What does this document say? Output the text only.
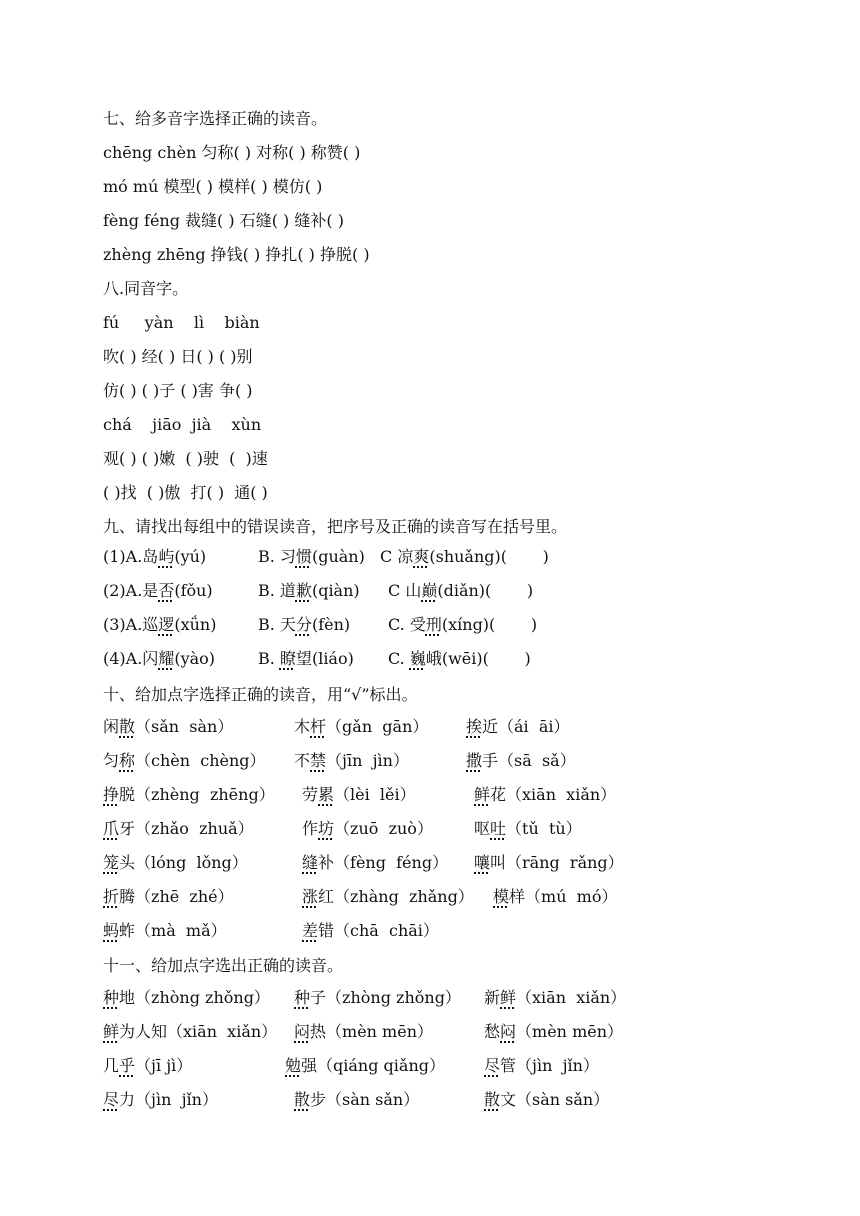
七、给多音字选择正确的读音。
chēng chèn 匀称( ) 对称( ) 称赞( )
mó mú 模型( ) 模样( ) 模仿( )
fèng féng 裁缝( ) 石缝( ) 缝补( )
zhèng zhēng 挣钱( ) 挣扎( ) 挣脱( )
八.同音字。
fú     yàn    lì    biàn
吹( ) 经( ) 日( ) ( )别
仿( ) ( )子 ( )害 争( )
chá    jiāo  jià    xùn
观( ) ( )嫩  ( )驶  (  )速
( )找  ( )傲  打( )  通( )
九、请找出每组中的错误读音，把序号及正确的读音写在括号里。
(1)A.岛屿(yú)	B. 习惯(guàn) C 凉爽(shuǎng)(       )
(2)A.是否(fǒu)	B. 道歉(qiàn) C 山巅(diǎn)(       )
(3)A.巡逻(xǘn)	B. 天分(fèn) C. 受刑(xíng)(       )
(4)A.闪耀(yào)	B. 瞭望(liáo) C. 巍峨(wēi)(       )
十、给加点字选择正确的读音，用“√”标出。
闲散（sǎn  sàn）	木杆（gǎn  gān） 挨近（ái  āi）
匀称（chèn  chèng） 不禁（jīn  jìn）	撒手（sā  sǎ）
挣脱（zhèng  zhēng） 劳累（lèi  lěi）	鲜花（xiān  xiǎn）
爪牙（zhǎo  zhuǎ）	作坊（zuō  zuò）	呕吐（tǔ  tù）
笼头（lóng  lǒng）	缝补（fèng  féng） 嚷叫（rāng  rǎng）
折腾（zhē  zhé）	涨红（zhàng  zhǎng） 模样（mú  mó）
蚂蚱（mà  mǎ）	差错（chā  chāi）
十一、给加点字选出正确的读音。
种地（zhòng zhǒng） 种子（zhòng zhǒng） 新鲜（xiān  xiǎn）
鲜为人知（xiān  xiǎn） 闷热（mèn mēn）	愁闷（mèn mēn）
几乎（jī jì）	勉强（qiáng qiǎng） 尽管（jìn  jǐn）
尽力（jìn  jǐn）	散步（sàn sǎn）	散文（sàn sǎn）
